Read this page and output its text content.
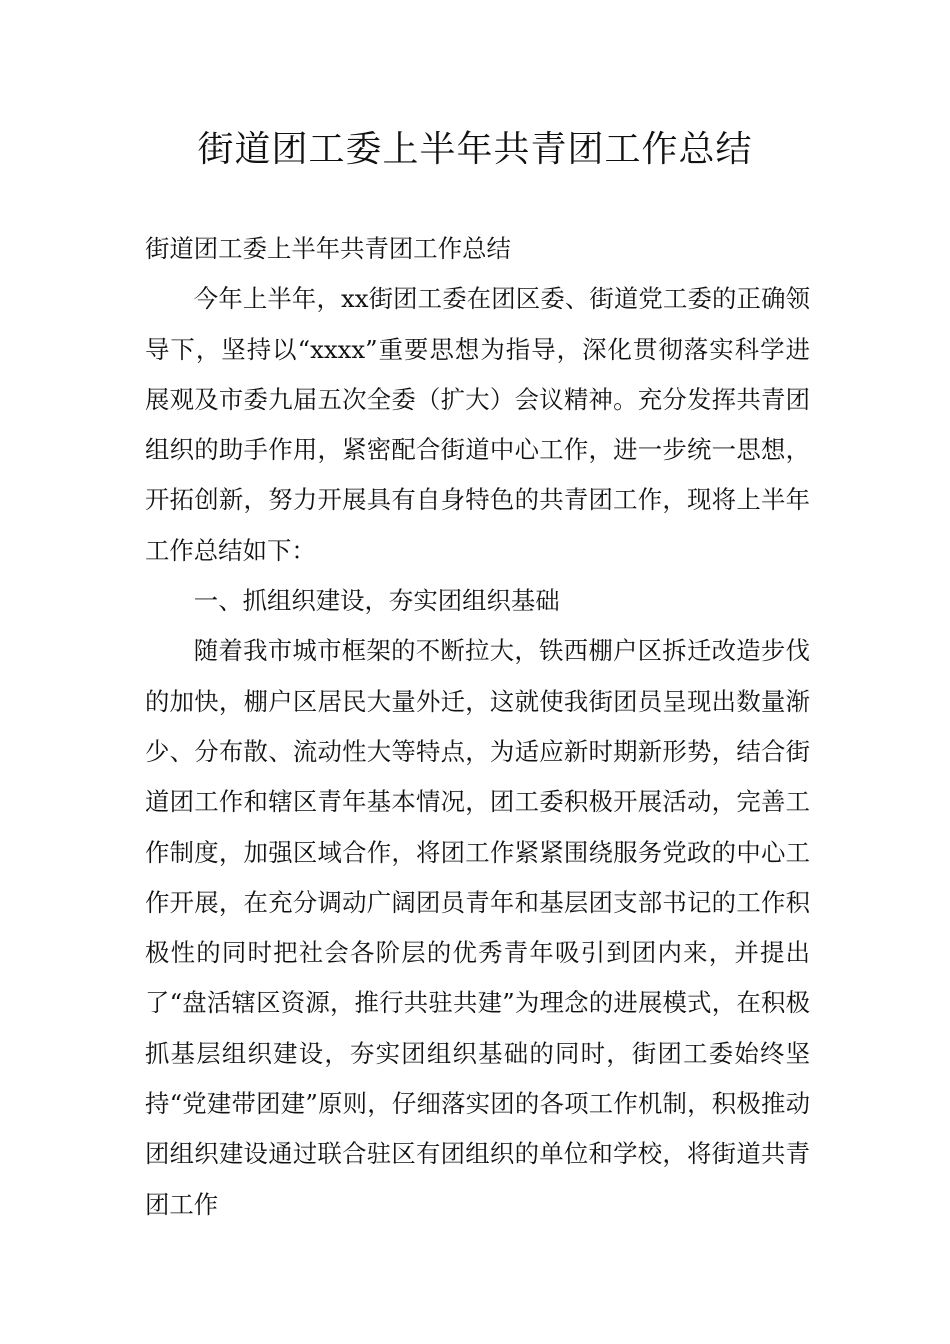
街道团工委上半年共青团工作总结

街道团工委上半年共青团工作总结

今年上半年，xx街团工委在团区委、街道党工委的正确领导下，坚持以“xxxx”重要思想为指导，深化贯彻落实科学进展观及市委九届五次全委（扩大）会议精神。充分发挥共青团组织的助手作用，紧密配合街道中心工作，进一步统一思想，开拓创新，努力开展具有自身特色的共青团工作，现将上半年工作总结如下：

一、抓组织建设，夯实团组织基础

随着我市城市框架的不断拉大，铁西棚户区拆迁改造步伐的加快，棚户区居民大量外迁，这就使我街团员呈现出数量渐少、分布散、流动性大等特点，为适应新时期新形势，结合街道团工作和辖区青年基本情况，团工委积极开展活动，完善工作制度，加强区域合作，将团工作紧紧围绕服务党政的中心工作开展，在充分调动广阔团员青年和基层团支部书记的工作积极性的同时把社会各阶层的优秀青年吸引到团内来，并提出了“盘活辖区资源，推行共驻共建”为理念的进展模式，在积极抓基层组织建设，夯实团组织基础的同时，街团工委始终坚持“党建带团建”原则，仔细落实团的各项工作机制，积极推动团组织建设通过联合驻区有团组织的单位和学校，将街道共青团工作
